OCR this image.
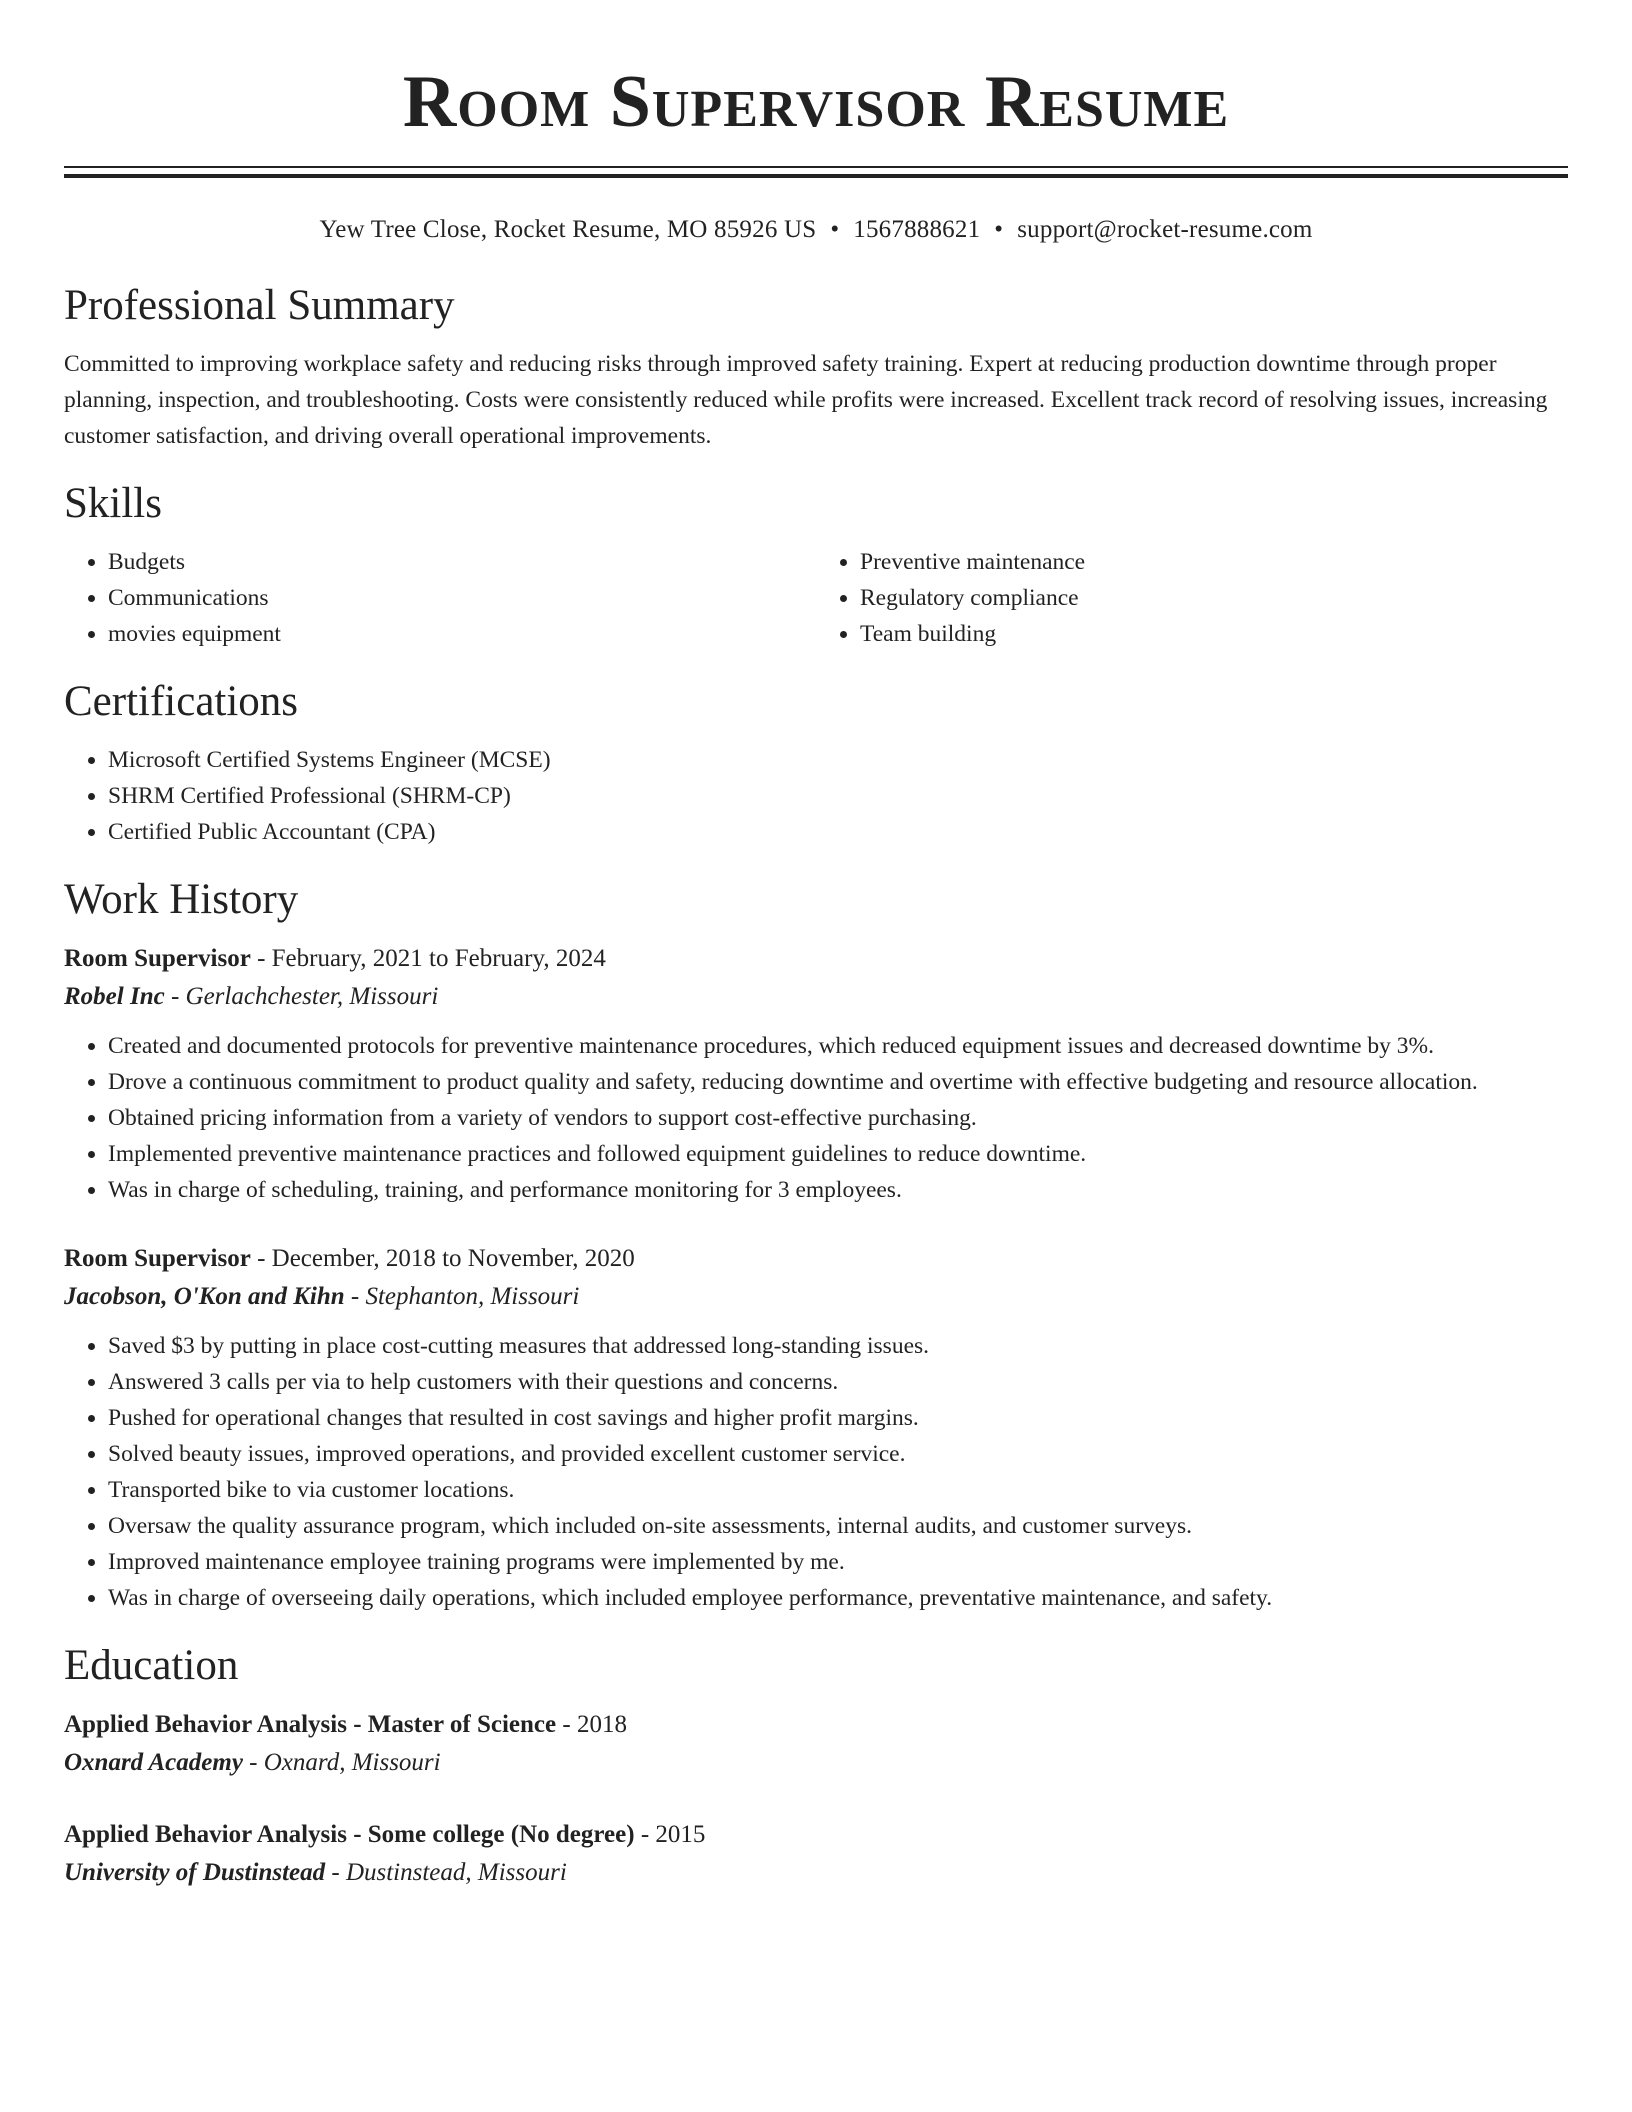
Room Supervisor Resume
Yew Tree Close, Rocket Resume, MO 85926 US • 1567888621 • support@rocket-resume.com
Professional Summary

Committed to improving workplace safety and reducing risks through improved safety training. Expert at reducing production downtime through proper planning, inspection, and troubleshooting. Costs were consistently reduced while profits were increased. Excellent track record of resolving issues, increasing customer satisfaction, and driving overall operational improvements.

Skills
• Budgets
• Communications
• movies equipment
• Preventive maintenance
• Regulatory compliance
• Team building
Certifications
• Microsoft Certified Systems Engineer (MCSE)
• SHRM Certified Professional (SHRM-CP)
• Certified Public Accountant (CPA)
Work History
Room Supervisor - February, 2021 to February, 2024
Robel Inc - Gerlachchester, Missouri
• Created and documented protocols for preventive maintenance procedures, which reduced equipment issues and decreased downtime by 3%.
• Drove a continuous commitment to product quality and safety, reducing downtime and overtime with effective budgeting and resource allocation.
• Obtained pricing information from a variety of vendors to support cost-effective purchasing.
• Implemented preventive maintenance practices and followed equipment guidelines to reduce downtime.
• Was in charge of scheduling, training, and performance monitoring for 3 employees.
Room Supervisor - December, 2018 to November, 2020
Jacobson, O'Kon and Kihn - Stephanton, Missouri
• Saved $3 by putting in place cost-cutting measures that addressed long-standing issues.
• Answered 3 calls per via to help customers with their questions and concerns.
• Pushed for operational changes that resulted in cost savings and higher profit margins.
• Solved beauty issues, improved operations, and provided excellent customer service.
• Transported bike to via customer locations.
• Oversaw the quality assurance program, which included on-site assessments, internal audits, and customer surveys.
• Improved maintenance employee training programs were implemented by me.
• Was in charge of overseeing daily operations, which included employee performance, preventative maintenance, and safety.
Education
Applied Behavior Analysis - Master of Science - 2018
Oxnard Academy - Oxnard, Missouri
Applied Behavior Analysis - Some college (No degree) - 2015
University of Dustinstead - Dustinstead, Missouri
